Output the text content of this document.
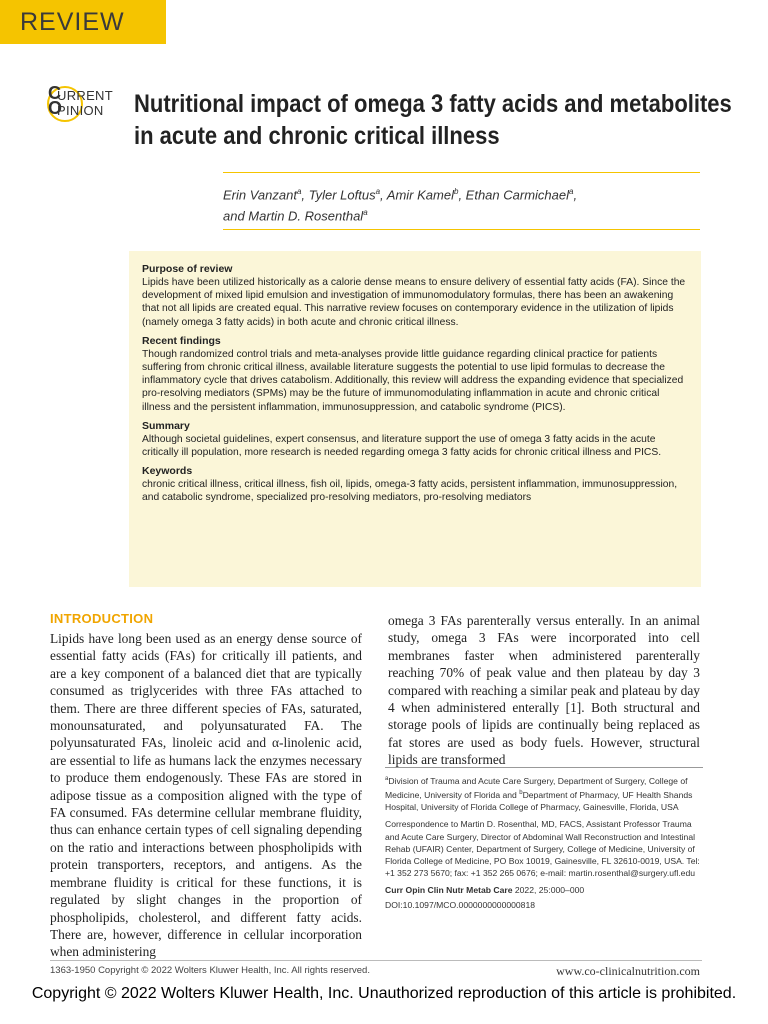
REVIEW
URRENT
C
PINION
O	Nutritional impact of omega 3 fatty acids and metabolites in acute and chronic critical illness
Erin Vanzant$^a$, Tyler Loftus$^a$, Amir Kamel$^b$, Ethan Carmichael$^a$,
and Martin D. Rosenthal$^a$
Purpose of review

Lipids have been utilized historically as a calorie dense means to ensure delivery of essential fatty acids (FA). Since the development of mixed lipid emulsion and investigation of immunomodulatory formulas, there has been an awakening that not all lipids are created equal. This narrative review focuses on contemporary evidence in the utilization of lipids (namely omega 3 fatty acids) in both acute and chronic critical illness.

Recent findings

Though randomized control trials and meta-analyses provide little guidance regarding clinical practice for patients suffering from chronic critical illness, available literature suggests the potential to use lipid formulas to decrease the inflammatory cycle that drives catabolism. Additionally, this review will address the expanding evidence that specialized pro-resolving mediators (SPMs) may be the future of immunomodulating inflammation in acute and chronic critical illness and the persistent inflammation, immunosuppression, and catabolic syndrome (PICS).

Summary

Although societal guidelines, expert consensus, and literature support the use of omega 3 fatty acids in the acute critically ill population, more research is needed regarding omega 3 fatty acids for chronic critical illness and PICS.

Keywords

chronic critical illness, critical illness, fish oil, lipids, omega-3 fatty acids, persistent inflammation, immunosuppression, and catabolic syndrome, specialized pro-resolving mediators, pro-resolving mediators

INTRODUCTION
Lipids have long been used as an energy dense source of essential fatty acids (FAs) for critically ill patients, and are a key component of a balanced diet that are typically consumed as triglycerides with three FAs attached to them. There are three different species of FAs, saturated, monounsaturated, and polyunsaturated FA. The polyunsaturated FAs, linoleic acid and α-linolenic acid, are essential to life as humans lack the enzymes necessary to produce them endogenously. These FAs are stored in adipose tissue as a composition aligned with the type of FA consumed. FAs determine cellular membrane fluidity, thus can enhance certain types of cell signaling depending on the ratio and interactions between phospholipids with protein transporters, receptors, and antigens. As the membrane fluidity is critical for these functions, it is regulated by slight changes in the proportion of phospholipids, cholesterol, and different fatty acids. There are, however, difference in cellular incorporation when administering
omega 3 FAs parenterally versus enterally. In an animal study, omega 3 FAs were incorporated into cell membranes faster when administered parenterally reaching 70% of peak value and then plateau by day 3 compared with reaching a similar peak and plateau by day 4 when administered enterally [1]. Both structural and storage pools of lipids are continually being replaced as fat stores are used as body fuels. However, structural lipids are transformed

$^a$Division of Trauma and Acute Care Surgery, Department of Surgery, College of Medicine, University of Florida and $^b$Department of Pharmacy, UF Health Shands Hospital, University of Florida College of Pharmacy, Gainesville, Florida, USA

Correspondence to Martin D. Rosenthal, MD, FACS, Assistant Professor Trauma and Acute Care Surgery, Director of Abdominal Wall Reconstruction and Intestinal Rehab (UFAIR) Center, Department of Surgery, College of Medicine, University of Florida College of Medicine, PO Box 10019, Gainesville, FL 32610-0019, USA. Tel: +1 352 273 5670; fax: +1 352 265 0676; e-mail: martin.rosenthal@surgery.ufl.edu

Curr Opin Clin Nutr Metab Care 2022, 25:000–000

DOI:10.1097/MCO.0000000000000818

1363-1950 Copyright © 2022 Wolters Kluwer Health, Inc. All rights reserved.	www.co-clinicalnutrition.com
Copyright © 2022 Wolters Kluwer Health, Inc. Unauthorized reproduction of this article is prohibited.
